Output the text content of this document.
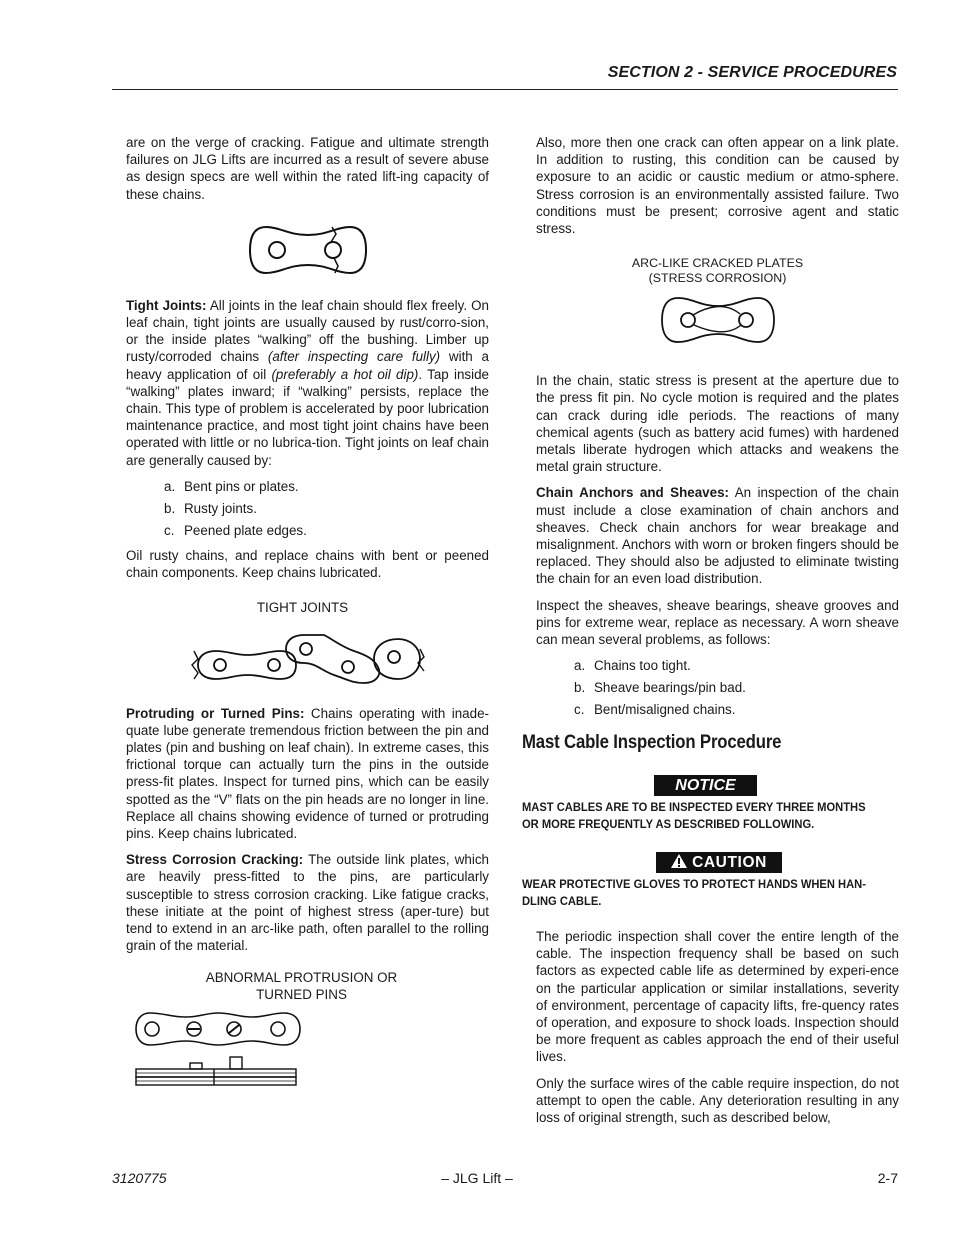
SECTION 2 - SERVICE PROCEDURES

are on the verge of cracking. Fatigue and ultimate strength failures on JLG Lifts are incurred as a result of severe abuse as design specs are well within the rated lift-ing capacity of these chains.

Tight Joints: All joints in the leaf chain should flex freely. On leaf chain, tight joints are usually caused by rust/corro-sion, or the inside plates “walking” off the bushing. Limber up rusty/corroded chains (after inspecting care fully) with a heavy application of oil (preferably a hot oil dip). Tap inside “walking” plates inward; if “walking” persists, replace the chain. This type of problem is accelerated by poor lubrication maintenance practice, and most tight joint chains have been operated with little or no lubrica-tion. Tight joints on leaf chain are generally caused by:

a. Bent pins or plates.
b. Rusty joints.
c. Peened plate edges.

Oil rusty chains, and replace chains with bent or peened chain components. Keep chains lubricated.

TIGHT JOINTS

Protruding or Turned Pins: Chains operating with inade-quate lube generate tremendous friction between the pin and plates (pin and bushing on leaf chain). In extreme cases, this frictional torque can actually turn the pins in the outside press-fit plates. Inspect for turned pins, which can be easily spotted as the “V” flats on the pin heads are no longer in line. Replace all chains showing evidence of turned or protruding pins. Keep chains lubricated.

Stress Corrosion Cracking: The outside link plates, which are heavily press-fitted to the pins, are particularly susceptible to stress corrosion cracking. Like fatigue cracks, these initiate at the point of highest stress (aper-ture) but tend to extend in an arc-like path, often parallel to the rolling grain of the material.

ABNORMAL PROTRUSION OR
TURNED PINS

Also, more then one crack can often appear on a link plate. In addition to rusting, this condition can be caused by exposure to an acidic or caustic medium or atmo-sphere. Stress corrosion is an environmentally assisted failure. Two conditions must be present; corrosive agent and static stress.

ARC-LIKE CRACKED PLATES
(STRESS CORROSION)

In the chain, static stress is present at the aperture due to the press fit pin. No cycle motion is required and the plates can crack during idle periods. The reactions of many chemical agents (such as battery acid fumes) with hardened metals liberate hydrogen which attacks and weakens the metal grain structure.

Chain Anchors and Sheaves: An inspection of the chain must include a close examination of chain anchors and sheaves. Check chain anchors for wear breakage and misalignment. Anchors with worn or broken fingers should be replaced. They should also be adjusted to eliminate twisting the chain for an even load distribution.

Inspect the sheaves, sheave bearings, sheave grooves and pins for extreme wear, replace as necessary. A worn sheave can mean several problems, as follows:

a. Chains too tight.
b. Sheave bearings/pin bad.
c. Bent/misaligned chains.
Mast Cable Inspection Procedure
NOTICE
MAST CABLES ARE TO BE INSPECTED EVERY THREE MONTHS OR MORE FREQUENTLY AS DESCRIBED FOLLOWING.
CAUTION
WEAR PROTECTIVE GLOVES TO PROTECT HANDS WHEN HAN-DLING CABLE.

The periodic inspection shall cover the entire length of the cable. The inspection frequency shall be based on such factors as expected cable life as determined by experi-ence on the particular application or similar installations, severity of environment, percentage of capacity lifts, fre-quency rates of operation, and exposure to shock loads. Inspection should be more frequent as cables approach the end of their useful lives.

Only the surface wires of the cable require inspection, do not attempt to open the cable. Any deterioration resulting in any loss of original strength, such as described below,

3120775	– JLG Lift –	2-7
